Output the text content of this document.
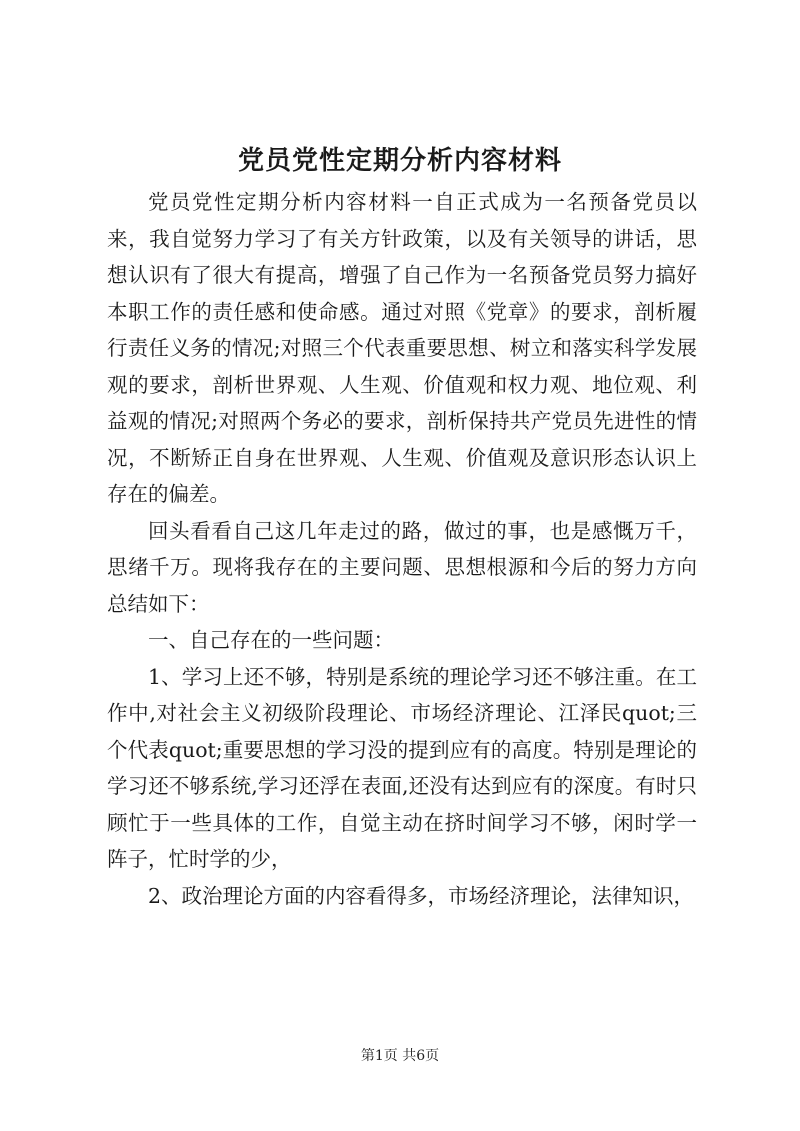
党员党性定期分析内容材料

党员党性定期分析内容材料一自正式成为一名预备党员以来，我自觉努力学习了有关方针政策，以及有关领导的讲话，思想认识有了很大有提高，增强了自己作为一名预备党员努力搞好本职工作的责任感和使命感。通过对照《党章》的要求，剖析履行责任义务的情况;对照三个代表重要思想、树立和落实科学发展观的要求，剖析世界观、人生观、价值观和权力观、地位观、利益观的情况;对照两个务必的要求，剖析保持共产党员先进性的情况，不断矫正自身在世界观、人生观、价值观及意识形态认识上存在的偏差。

回头看看自己这几年走过的路，做过的事，也是感慨万千，思绪千万。现将我存在的主要问题、思想根源和今后的努力方向总结如下：

一、自己存在的一些问题：

1、学习上还不够，特别是系统的理论学习还不够注重。在工作中,对社会主义初级阶段理论、市场经济理论、江泽民quot;三个代表quot;重要思想的学习没的提到应有的高度。特别是理论的学习还不够系统,学习还浮在表面,还没有达到应有的深度。有时只顾忙于一些具体的工作，自觉主动在挤时间学习不够，闲时学一阵子，忙时学的少，

2、政治理论方面的内容看得多，市场经济理论，法律知识，

第1页 共6页
